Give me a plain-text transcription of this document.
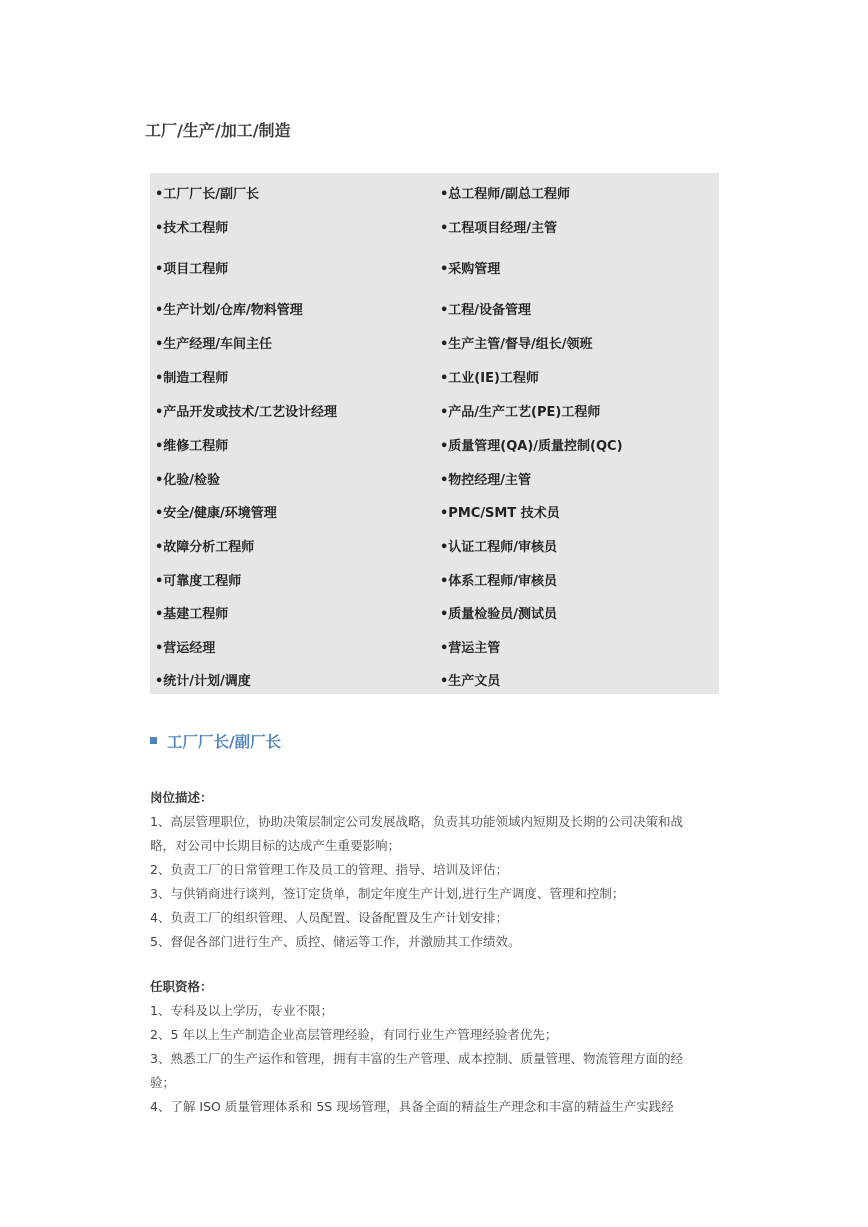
工厂/生产/加工/制造
•工厂厂长/副厂长	•总工程师/副总工程师
•技术工程师	•工程项目经理/主管
•项目工程师	•采购管理
•生产计划/仓库/物料管理	•工程/设备管理
•生产经理/车间主任	•生产主管/督导/组长/领班
•制造工程师	•工业(IE)工程师
•产品开发或技术/工艺设计经理	•产品/生产工艺(PE)工程师
•维修工程师	•质量管理(QA)/质量控制(QC)
•化验/检验	•物控经理/主管
•安全/健康/环境管理	•PMC/SMT 技术员
•故障分析工程师	•认证工程师/审核员
•可靠度工程师	•体系工程师/审核员
•基建工程师	•质量检验员/测试员
•营运经理	•营运主管
•统计/计划/调度	•生产文员
工厂厂长/副厂长
岗位描述：
1、高层管理职位，协助决策层制定公司发展战略，负责其功能领域内短期及长期的公司决策和战
略，对公司中长期目标的达成产生重要影响；
2、负责工厂的日常管理工作及员工的管理、指导、培训及评估；
3、与供销商进行谈判，签订定货单，制定年度生产计划,进行生产调度、管理和控制；
4、负责工厂的组织管理、人员配置、设备配置及生产计划安排；
5、督促各部门进行生产、质控、储运等工作，并激励其工作绩效。
任职资格：
1、专科及以上学历，专业不限；
2、5 年以上生产制造企业高层管理经验，有同行业生产管理经验者优先；
3、熟悉工厂的生产运作和管理，拥有丰富的生产管理、成本控制、质量管理、物流管理方面的经
验；
4、了解 ISO 质量管理体系和 5S 现场管理，具备全面的精益生产理念和丰富的精益生产实践经
